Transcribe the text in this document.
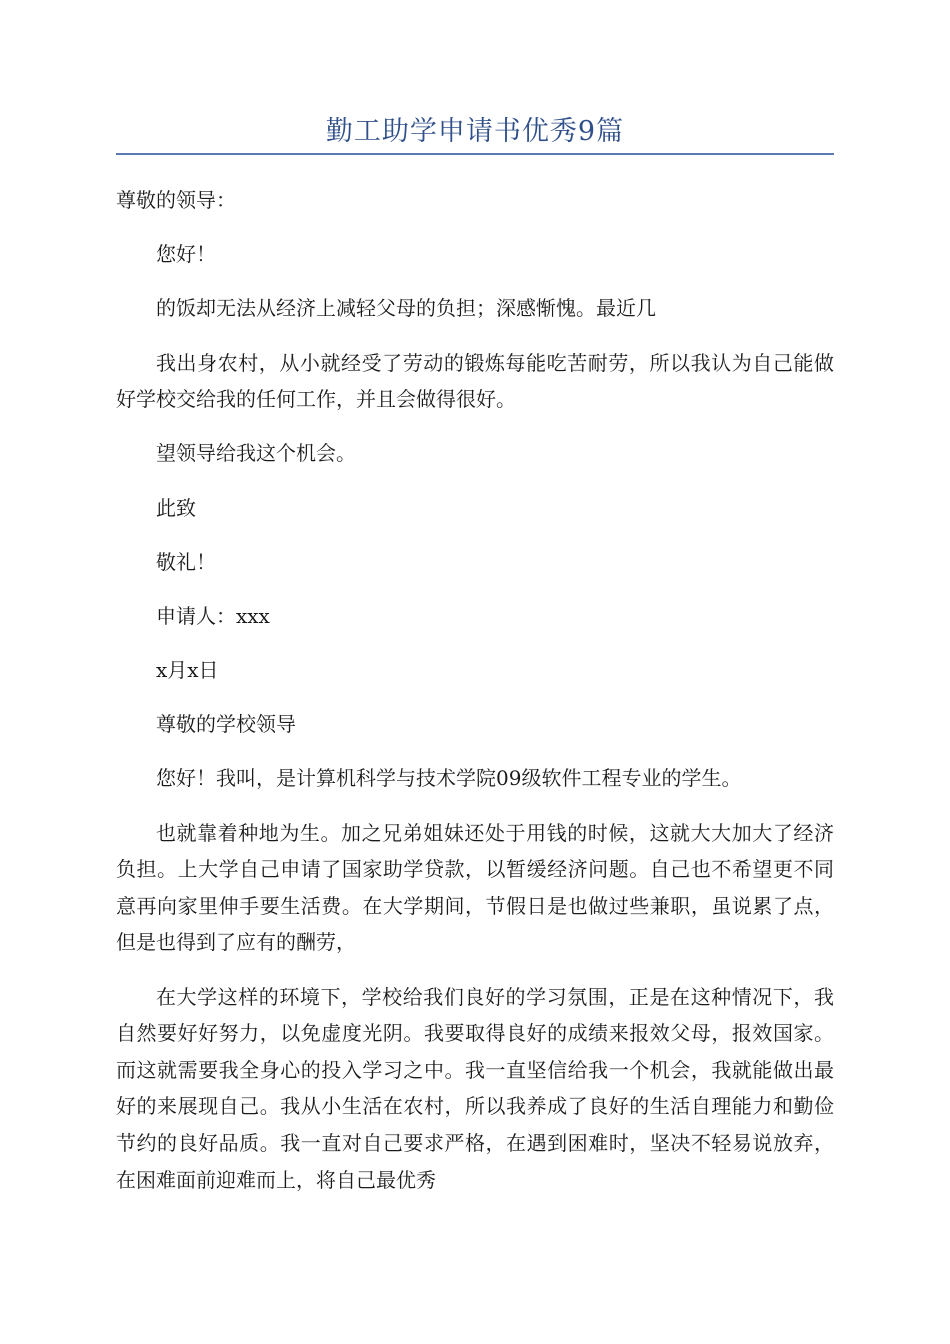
勤工助学申请书优秀9篇

尊敬的领导：

您好！

的饭却无法从经济上减轻父母的负担；深感惭愧。最近几

我出身农村，从小就经受了劳动的锻炼每能吃苦耐劳，所以我认为自己能做好学校交给我的任何工作，并且会做得很好。

望领导给我这个机会。

此致

敬礼！

申请人：xxx

x月x日

尊敬的学校领导

您好！我叫，是计算机科学与技术学院09级软件工程专业的学生。

也就靠着种地为生。加之兄弟姐妹还处于用钱的时候，这就大大加大了经济负担。上大学自己申请了国家助学贷款，以暂缓经济问题。自己也不希望更不同意再向家里伸手要生活费。在大学期间，节假日是也做过些兼职，虽说累了点，但是也得到了应有的酬劳，

在大学这样的环境下，学校给我们良好的学习氛围，正是在这种情况下，我自然要好好努力，以免虚度光阴。我要取得良好的成绩来报效父母，报效国家。而这就需要我全身心的投入学习之中。我一直坚信给我一个机会，我就能做出最好的来展现自己。我从小生活在农村，所以我养成了良好的生活自理能力和勤俭节约的良好品质。我一直对自己要求严格，在遇到困难时，坚决不轻易说放弃，在困难面前迎难而上，将自己最优秀
